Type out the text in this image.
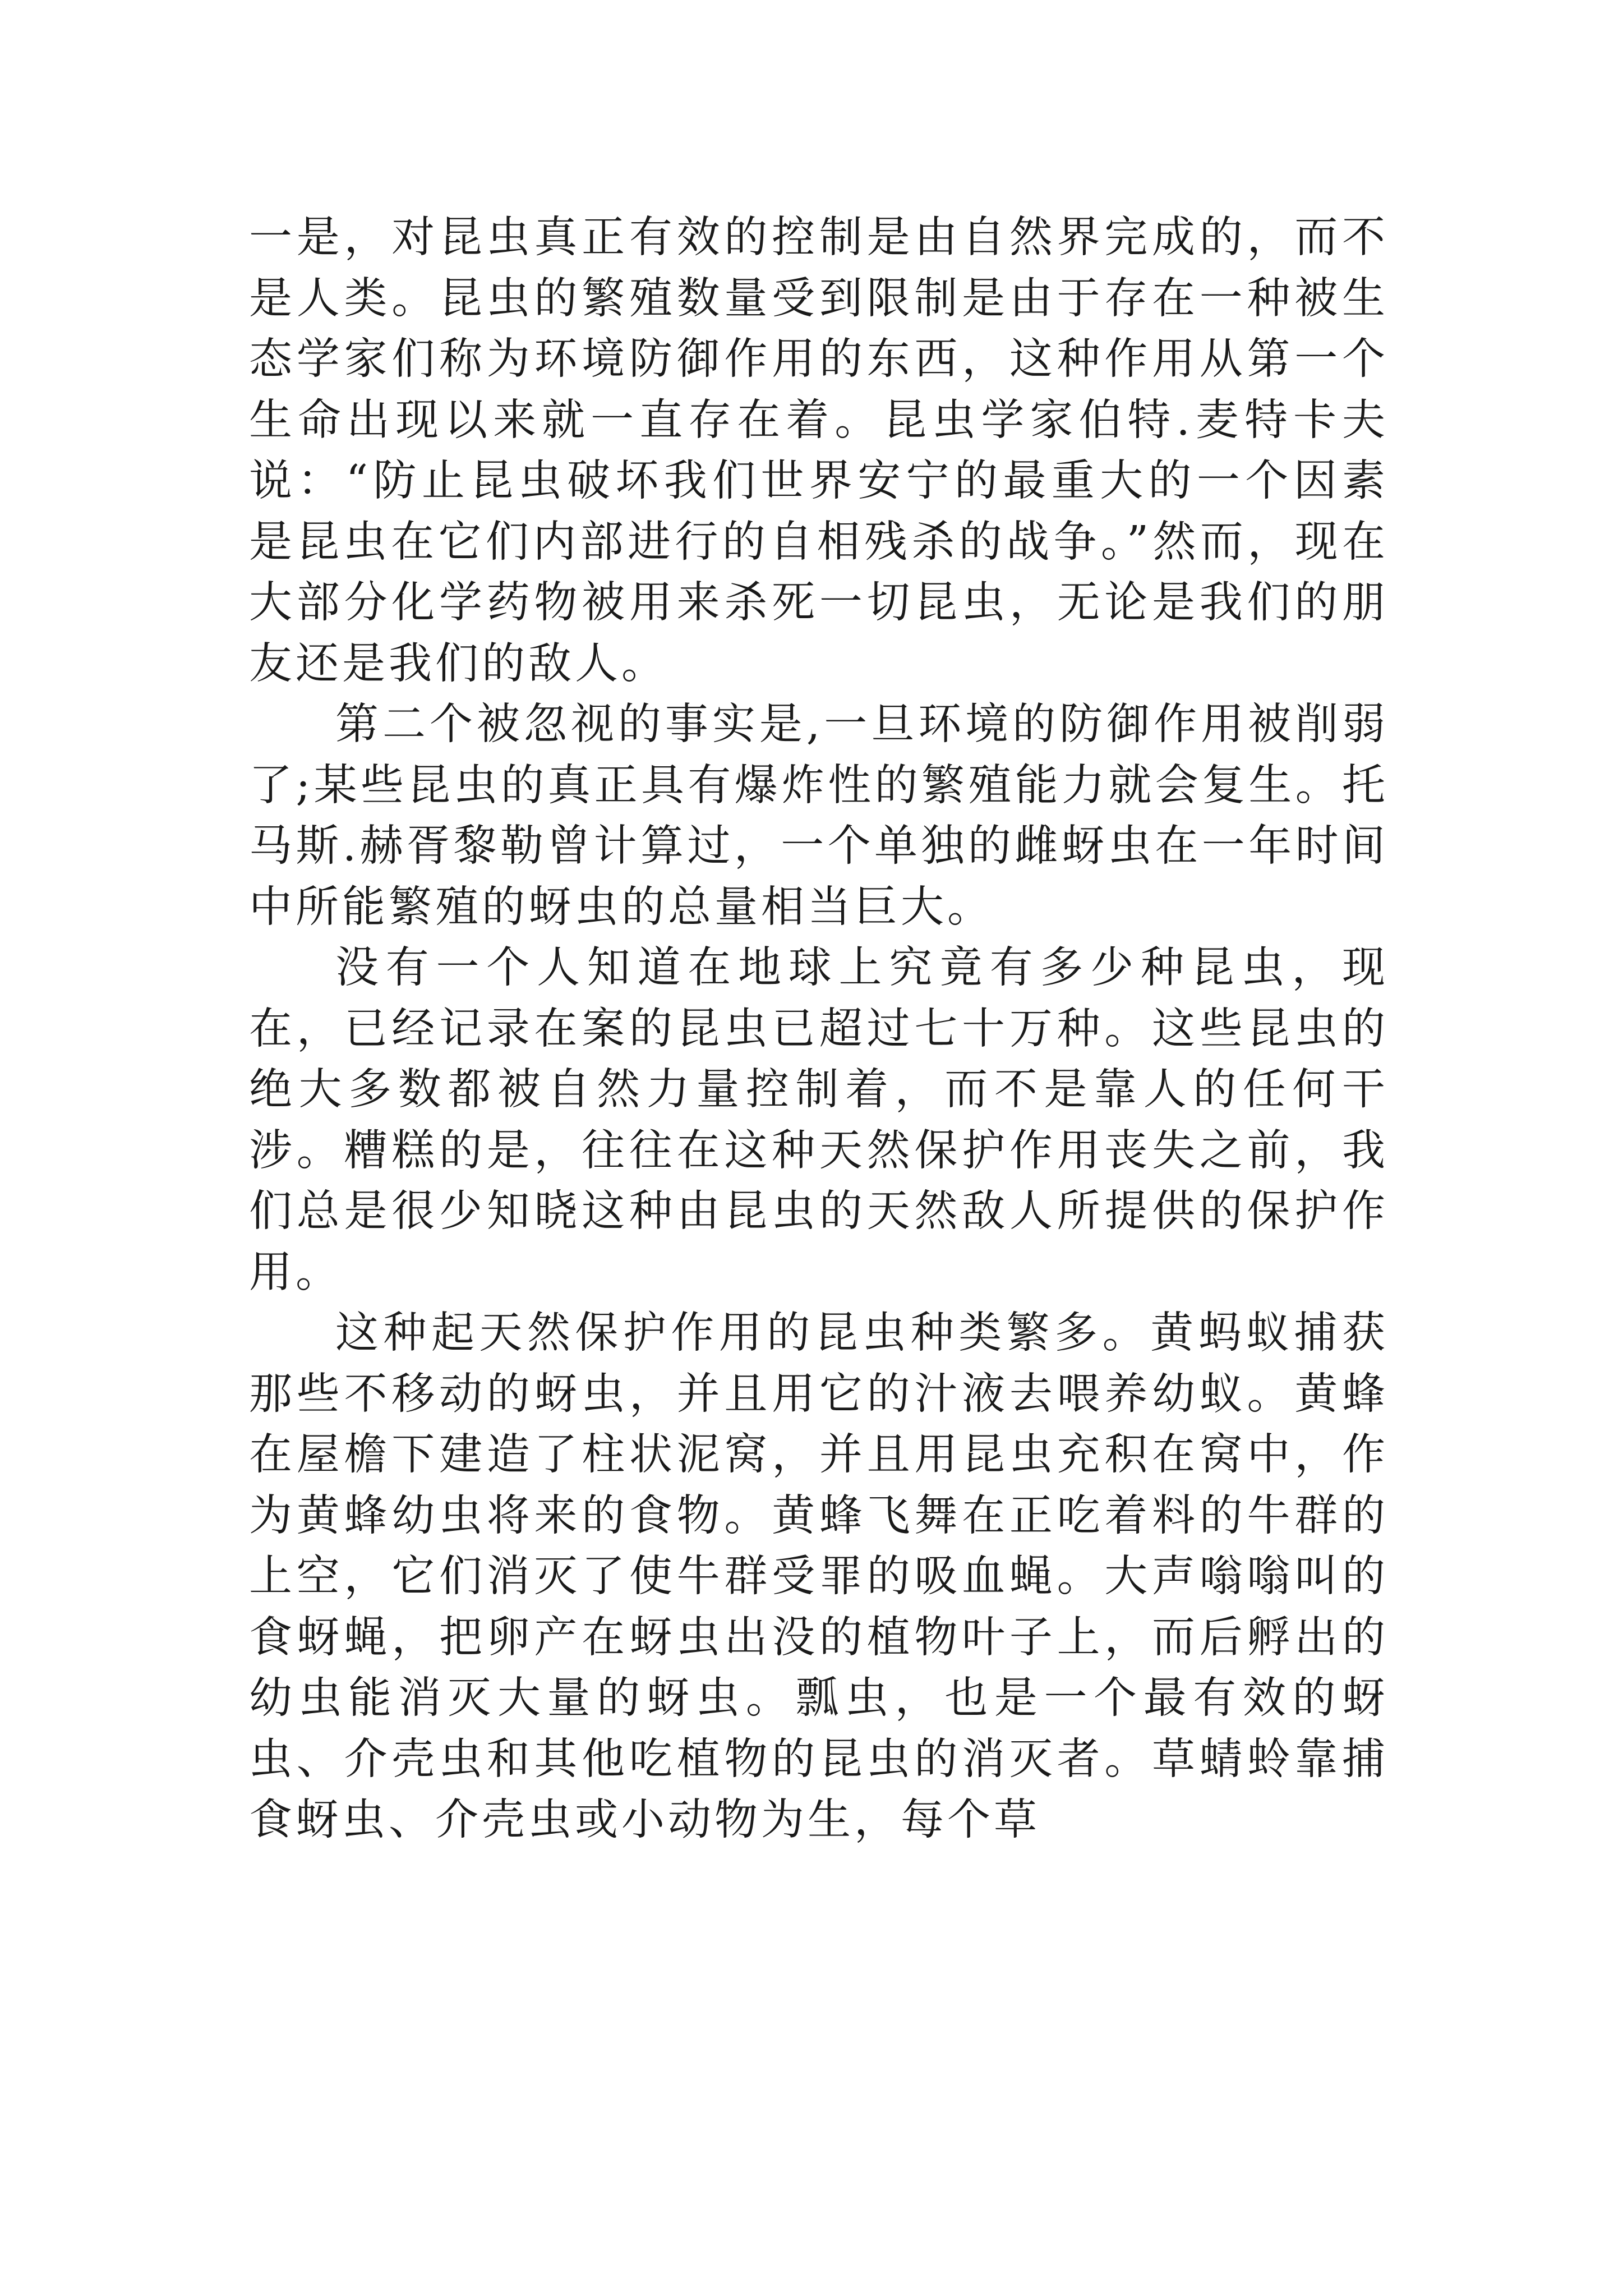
一是，对昆虫真正有效的控制是由自然界完成的，而不是人类。昆虫的繁殖数量受到限制是由于存在一种被生态学家们称为环境防御作用的东西，这种作用从第一个生命出现以来就一直存在着。昆虫学家伯特.麦特卡夫说：“防止昆虫破坏我们世界安宁的最重大的一个因素是昆虫在它们内部进行的自相残杀的战争。”然而，现在大部分化学药物被用来杀死一切昆虫，无论是我们的朋友还是我们的敌人。

第二个被忽视的事实是,一旦环境的防御作用被削弱了;某些昆虫的真正具有爆炸性的繁殖能力就会复生。托马斯.赫胥黎勒曾计算过，一个单独的雌蚜虫在一年时间中所能繁殖的蚜虫的总量相当巨大。

没有一个人知道在地球上究竟有多少种昆虫，现在，已经记录在案的昆虫已超过七十万种。这些昆虫的绝大多数都被自然力量控制着，而不是靠人的任何干涉。糟糕的是，往往在这种天然保护作用丧失之前，我们总是很少知晓这种由昆虫的天然敌人所提供的保护作用。

这种起天然保护作用的昆虫种类繁多。黄蚂蚁捕获那些不移动的蚜虫，并且用它的汁液去喂养幼蚁。黄蜂在屋檐下建造了柱状泥窝，并且用昆虫充积在窝中，作为黄蜂幼虫将来的食物。黄蜂飞舞在正吃着料的牛群的上空，它们消灭了使牛群受罪的吸血蝇。大声嗡嗡叫的食蚜蝇，把卵产在蚜虫出没的植物叶子上，而后孵出的幼虫能消灭大量的蚜虫。瓢虫，也是一个最有效的蚜虫、介壳虫和其他吃植物的昆虫的消灭者。草蜻蛉靠捕食蚜虫、介壳虫或小动物为生，每个草
